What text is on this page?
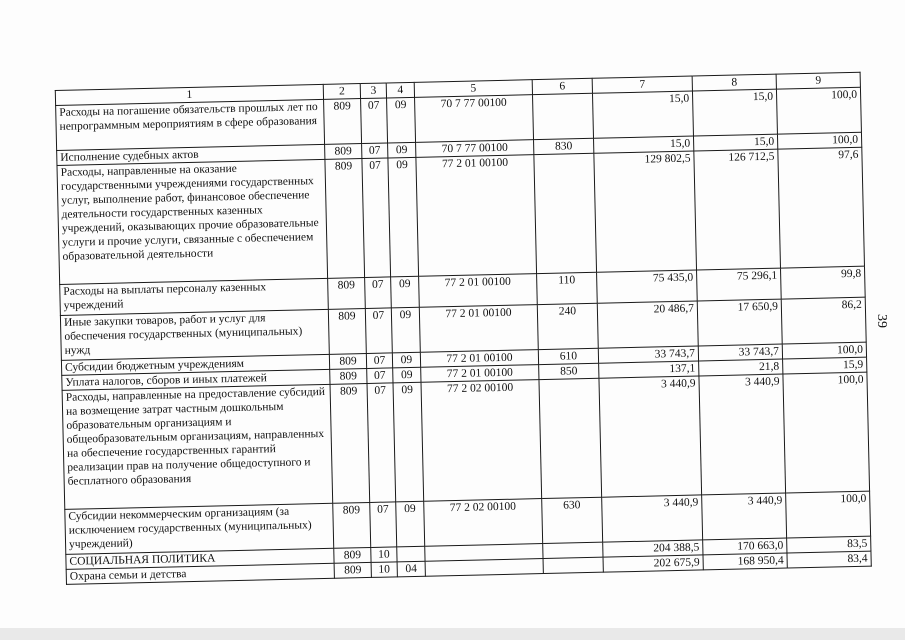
1	2	3	4	5	6	7	8	9
Расходы на погашение обязательств прошлых лет по непрограммным мероприятиям в сфере образования	809	07	09	70 7 77 00100		15,0	15,0	100,0
Исполнение судебных актов	809	07	09	70 7 77 00100	830	15,0	15,0	100,0
Расходы, направленные на оказание государственными учреждениями государственных услуг, выполнение работ, финансовое обеспечение деятельности государственных казенных учреждений, оказывающих прочие образовательные услуги и прочие услуги, связанные с обеспечением образовательной деятельности	809	07	09	77 2 01 00100		129 802,5	126 712,5	97,6
Расходы на выплаты персоналу казенных учреждений	809	07	09	77 2 01 00100	110	75 435,0	75 296,1	99,8
Иные закупки товаров, работ и услуг для обеспечения государственных (муниципальных) нужд	809	07	09	77 2 01 00100	240	20 486,7	17 650,9	86,2
Субсидии бюджетным учреждениям	809	07	09	77 2 01 00100	610	33 743,7	33 743,7	100,0
Уплата налогов, сборов и иных платежей	809	07	09	77 2 01 00100	850	137,1	21,8	15,9
Расходы, направленные на предоставление субсидий на возмещение затрат частным дошкольным образовательным организациям и общеобразовательным организациям, направленных на обеспечение государственных гарантий реализации прав на получение общедоступного и бесплатного образования	809	07	09	77 2 02 00100		3 440,9	3 440,9	100,0
Субсидии некоммерческим организациям (за исключением государственных (муниципальных) учреждений)	809	07	09	77 2 02 00100	630	3 440,9	3 440,9	100,0
СОЦИАЛЬНАЯ ПОЛИТИКА	809	10				204 388,5	170 663,0	83,5
Охрана семьи и детства	809	10	04			202 675,9	168 950,4	83,4
39
